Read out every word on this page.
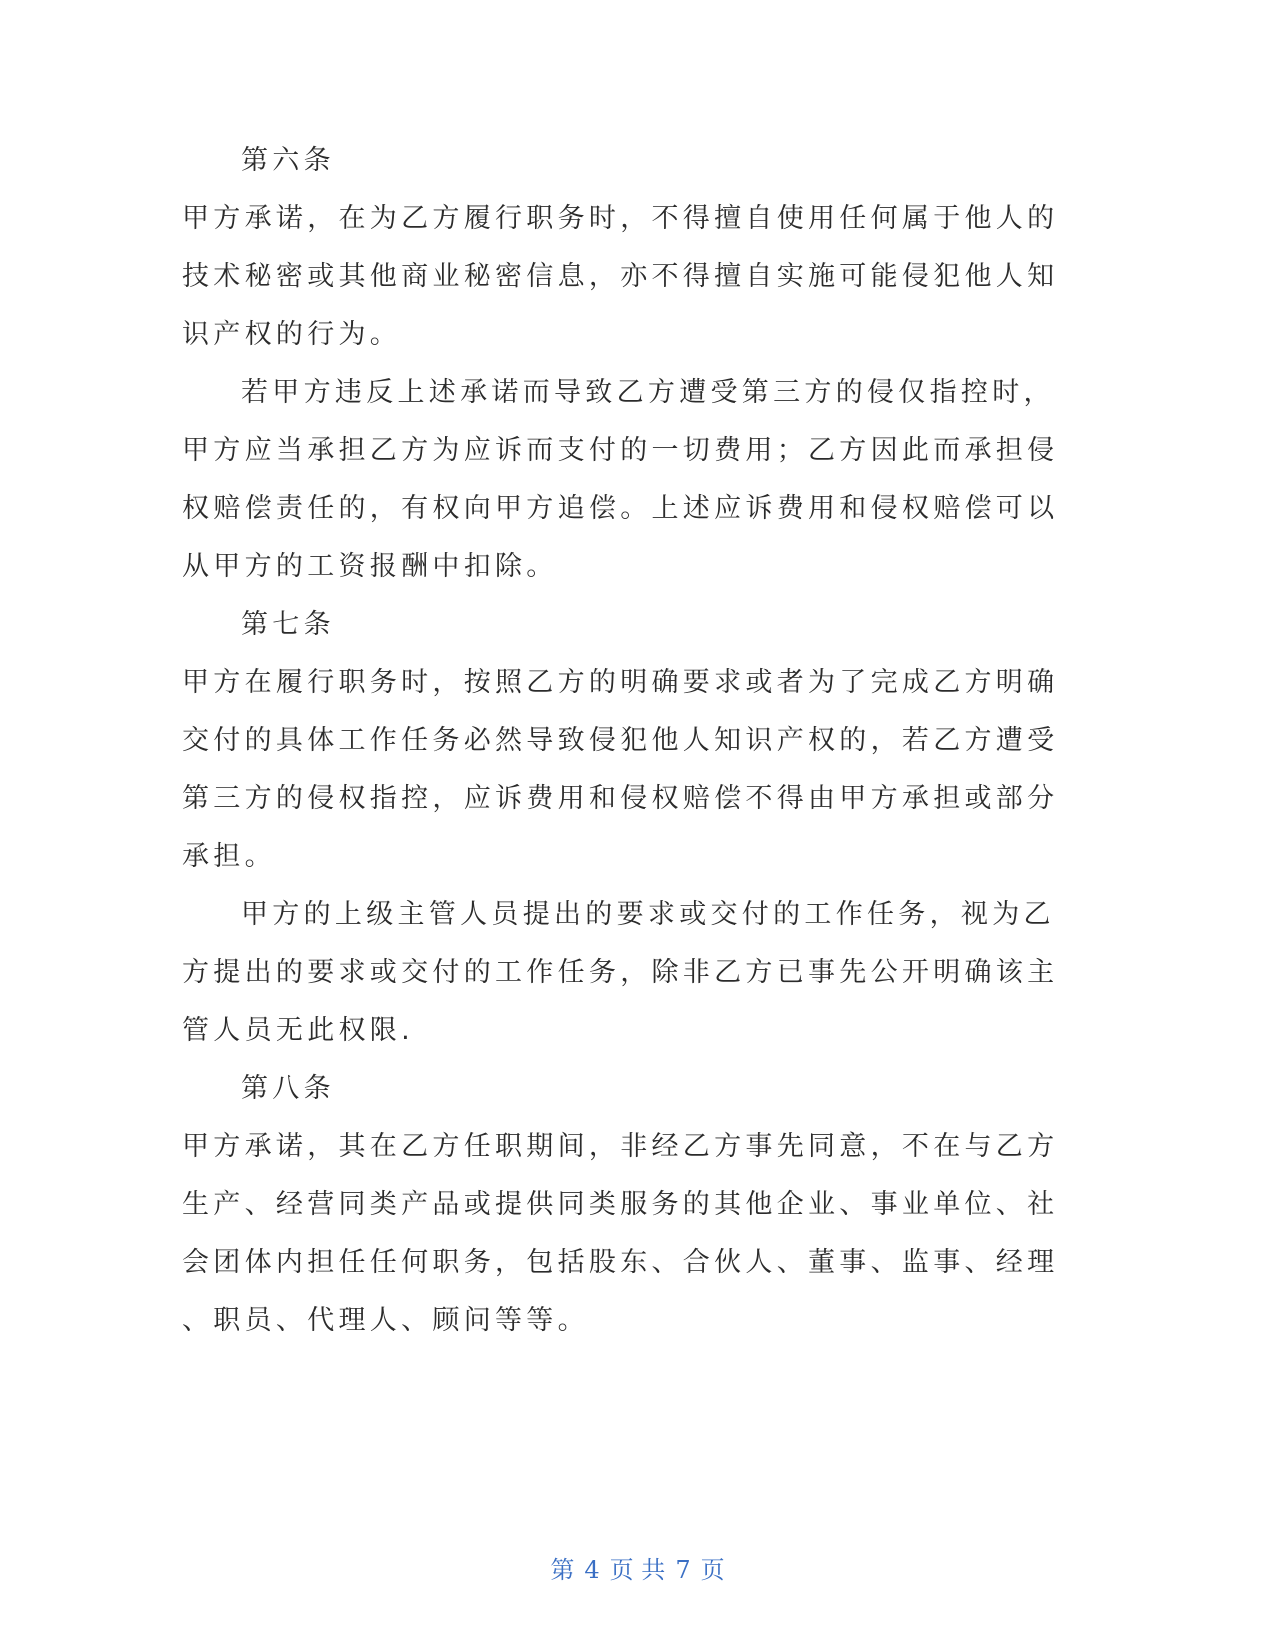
第六条
甲方承诺，在为乙方履行职务时，不得擅自使用任何属于他人的
技术秘密或其他商业秘密信息，亦不得擅自实施可能侵犯他人知
识产权的行为。
若甲方违反上述承诺而导致乙方遭受第三方的侵仅指控时，
甲方应当承担乙方为应诉而支付的一切费用；乙方因此而承担侵
权赔偿责任的，有权向甲方追偿。上述应诉费用和侵权赔偿可以
从甲方的工资报酬中扣除。
第七条
甲方在履行职务时，按照乙方的明确要求或者为了完成乙方明确
交付的具体工作任务必然导致侵犯他人知识产权的，若乙方遭受
第三方的侵权指控，应诉费用和侵权赔偿不得由甲方承担或部分
承担。
甲方的上级主管人员提出的要求或交付的工作任务，视为乙
方提出的要求或交付的工作任务，除非乙方已事先公开明确该主
管人员无此权限.
第八条
甲方承诺，其在乙方任职期间，非经乙方事先同意，不在与乙方
生产、经营同类产品或提供同类服务的其他企业、事业单位、社
会团体内担任任何职务，包括股东、合伙人、董事、监事、经理
、职员、代理人、顾问等等。
第 4 页 共 7 页
